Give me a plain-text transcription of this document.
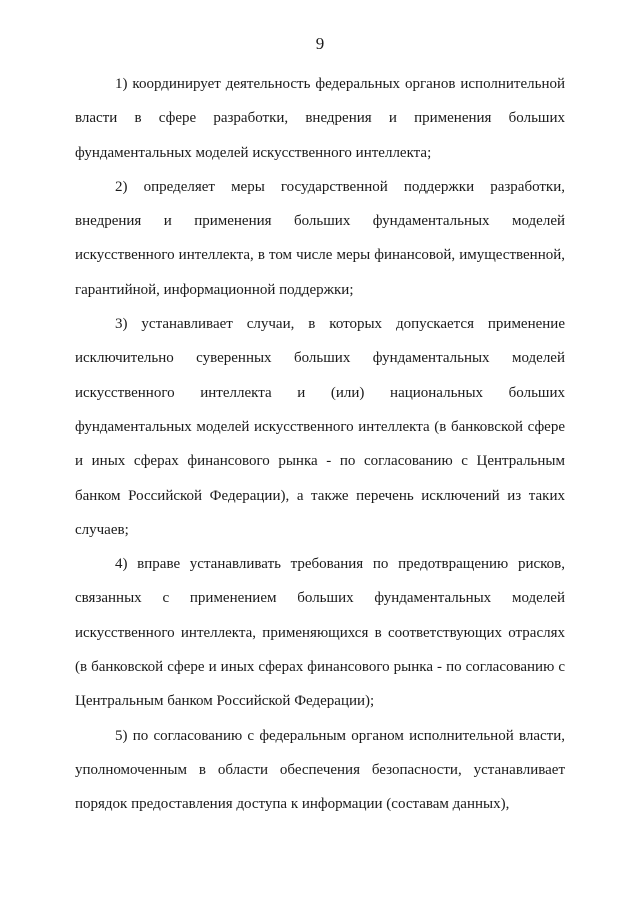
9

1) координирует деятельность федеральных органов исполнительной власти в сфере разработки, внедрения и применения больших фундаментальных моделей искусственного интеллекта;

2) определяет меры государственной поддержки разработки, внедрения и применения больших фундаментальных моделей искусственного интеллекта, в том числе меры финансовой, имущественной, гарантийной, информационной поддержки;

3) устанавливает случаи, в которых допускается применение исключительно суверенных больших фундаментальных моделей искусственного интеллекта и (или) национальных больших фундаментальных моделей искусственного интеллекта (в банковской сфере и иных сферах финансового рынка - по согласованию с Центральным банком Российской Федерации), а также перечень исключений из таких случаев;

4) вправе устанавливать требования по предотвращению рисков, связанных с применением больших фундаментальных моделей искусственного интеллекта, применяющихся в соответствующих отраслях (в банковской сфере и иных сферах финансового рынка - по согласованию с Центральным банком Российской Федерации);

5) по согласованию с федеральным органом исполнительной власти, уполномоченным в области обеспечения безопасности, устанавливает порядок предоставления доступа к информации (составам данных),
